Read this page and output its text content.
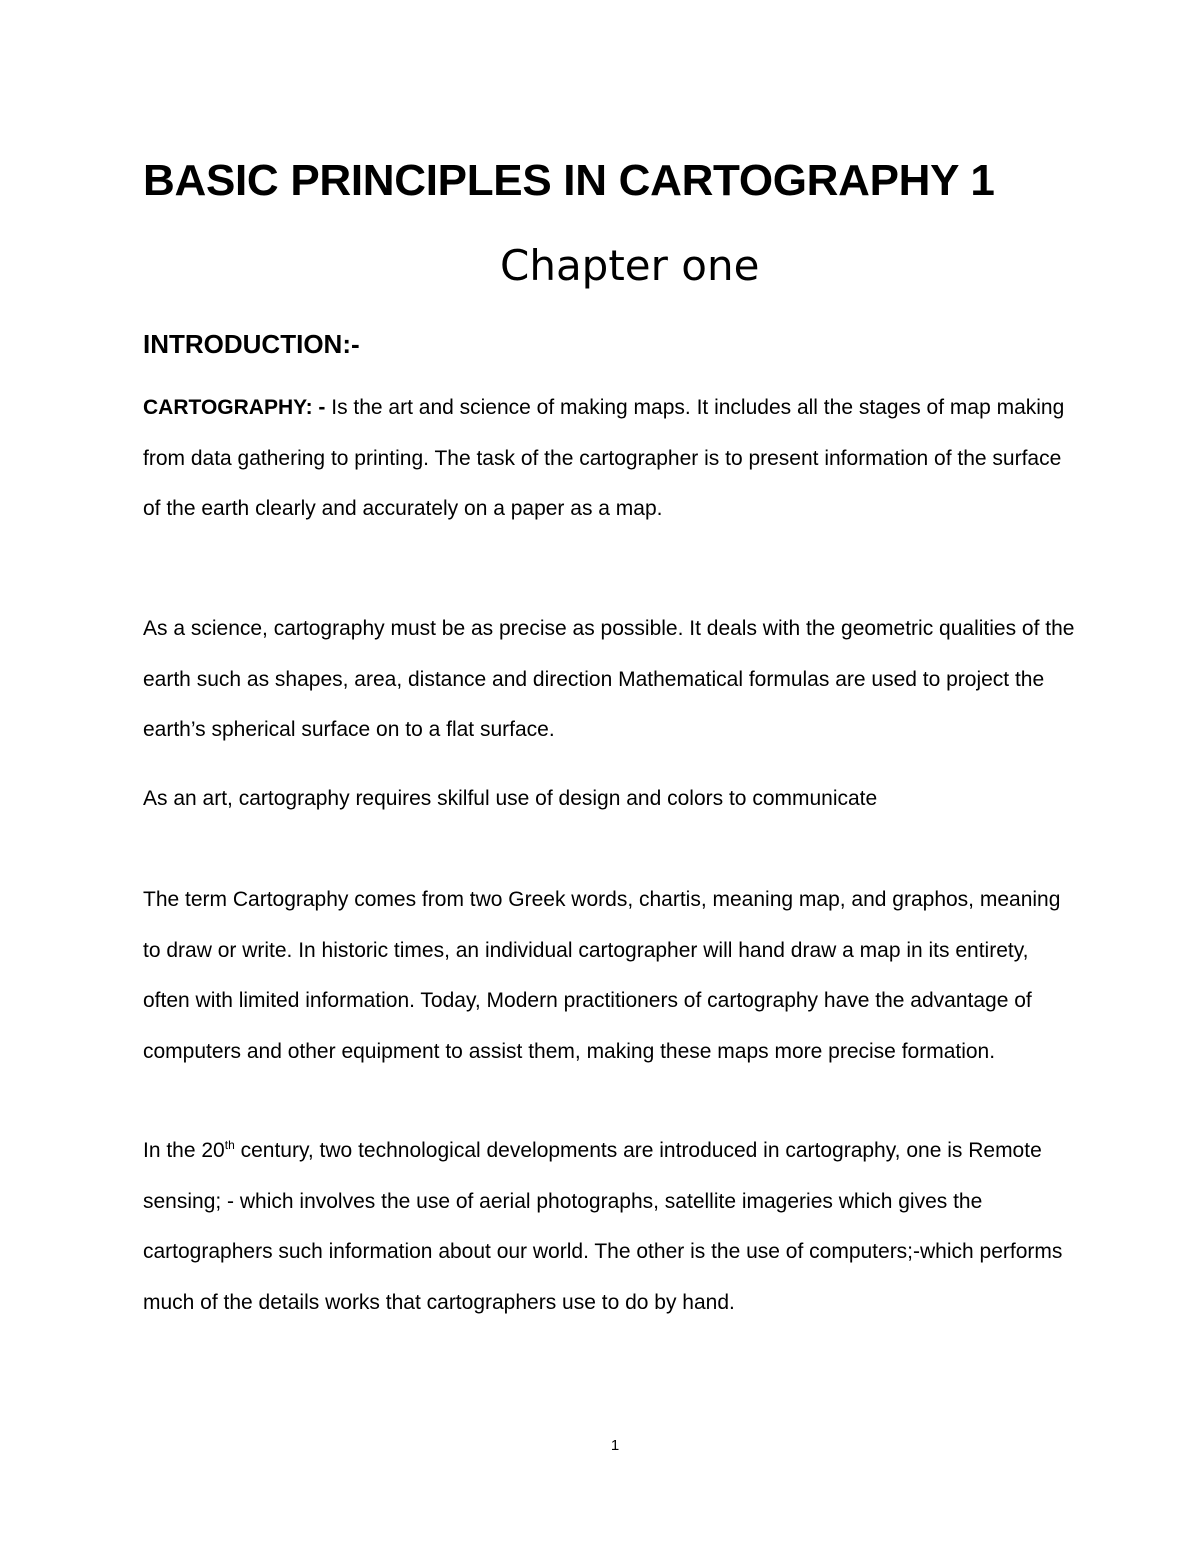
BASIC PRINCIPLES IN CARTOGRAPHY 1
Chapter one
INTRODUCTION:-

CARTOGRAPHY: - Is the art and science of making maps. It includes all the stages of map making from data gathering to printing. The task of the cartographer is to present information of the surface of the earth clearly and accurately on a paper as a map.

As a science, cartography must be as precise as possible. It deals with the geometric qualities of the earth such as shapes, area, distance and direction Mathematical formulas are used to project the earth’s spherical surface on to a flat surface.

As an art, cartography requires skilful use of design and colors to communicate

The term Cartography comes from two Greek words, chartis, meaning map, and graphos, meaning to draw or write. In historic times, an individual cartographer will hand draw a map in its entirety, often with limited information. Today, Modern practitioners of cartography have the advantage of computers and other equipment to assist them, making these maps more precise formation.

In the 20th century, two technological developments are introduced in cartography, one is Remote sensing; - which involves the use of aerial photographs, satellite imageries which gives the cartographers such information about our world. The other is the use of computers;-which performs much of the details works that cartographers use to do by hand.

1
